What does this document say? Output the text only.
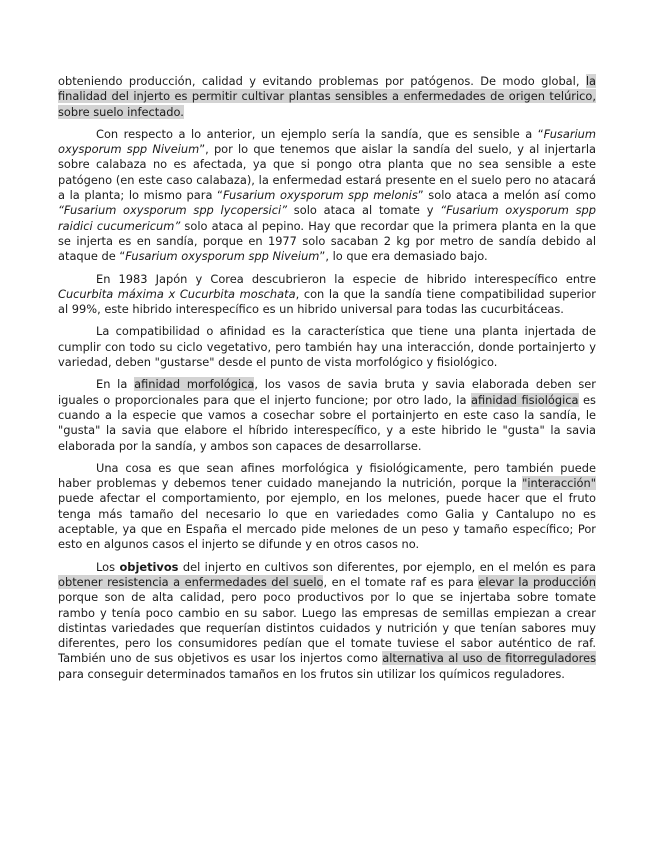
obteniendo producción, calidad y evitando problemas por patógenos. De modo global, la finalidad del injerto es permitir cultivar plantas sensibles a enfermedades de origen telúrico, sobre suelo infectado.

Con respecto a lo anterior, un ejemplo sería la sandía, que es sensible a “Fusarium oxysporum spp Niveium”, por lo que tenemos que aislar la sandía del suelo, y al injertarla sobre calabaza no es afectada, ya que si pongo otra planta que no sea sensible a este patógeno (en este caso calabaza), la enfermedad estará presente en el suelo pero no atacará a la planta; lo mismo para “Fusarium oxysporum spp melonis” solo ataca a melón así como “Fusarium oxysporum spp lycopersici” solo ataca al tomate y “Fusarium oxysporum spp raidici cucumericum” solo ataca al pepino. Hay que recordar que la primera planta en la que se injerta es en sandía, porque en 1977 solo sacaban 2 kg por metro de sandía debido al ataque de “Fusarium oxysporum spp Niveium”, lo que era demasiado bajo.

En 1983 Japón y Corea descubrieron la especie de hibrido interespecífico entre Cucurbita máxima x Cucurbita moschata, con la que la sandía tiene compatibilidad superior al 99%, este hibrido interespecífico es un hibrido universal para todas las cucurbitáceas.

La compatibilidad o afinidad es la característica que tiene una planta injertada de cumplir con todo su ciclo vegetativo, pero también hay una interacción, donde portainjerto y variedad, deben "gustarse" desde el punto de vista morfológico y fisiológico.

En la afinidad morfológica, los vasos de savia bruta y savia elaborada deben ser iguales o proporcionales para que el injerto funcione; por otro lado, la afinidad fisiológica es cuando a la especie que vamos a cosechar sobre el portainjerto en este caso la sandía, le "gusta" la savia que elabore el híbrido interespecífico, y a este hibrido le "gusta" la savia elaborada por la sandía, y ambos son capaces de desarrollarse.

Una cosa es que sean afines morfológica y fisiológicamente, pero también puede haber problemas y debemos tener cuidado manejando la nutrición, porque la "interacción" puede afectar el comportamiento, por ejemplo, en los melones, puede hacer que el fruto tenga más tamaño del necesario lo que en variedades como Galia y Cantalupo no es aceptable, ya que en España el mercado pide melones de un peso y tamaño específico; Por esto en algunos casos el injerto se difunde y en otros casos no.

Los objetivos del injerto en cultivos son diferentes, por ejemplo, en el melón es para obtener resistencia a enfermedades del suelo, en el tomate raf es para elevar la producción porque son de alta calidad, pero poco productivos por lo que se injertaba sobre tomate rambo y tenía poco cambio en su sabor. Luego las empresas de semillas empiezan a crear distintas variedades que requerían distintos cuidados y nutrición y que tenían sabores muy diferentes, pero los consumidores pedían que el tomate tuviese el sabor auténtico de raf. También uno de sus objetivos es usar los injertos como alternativa al uso de fitorreguladores para conseguir determinados tamaños en los frutos sin utilizar los químicos reguladores.
